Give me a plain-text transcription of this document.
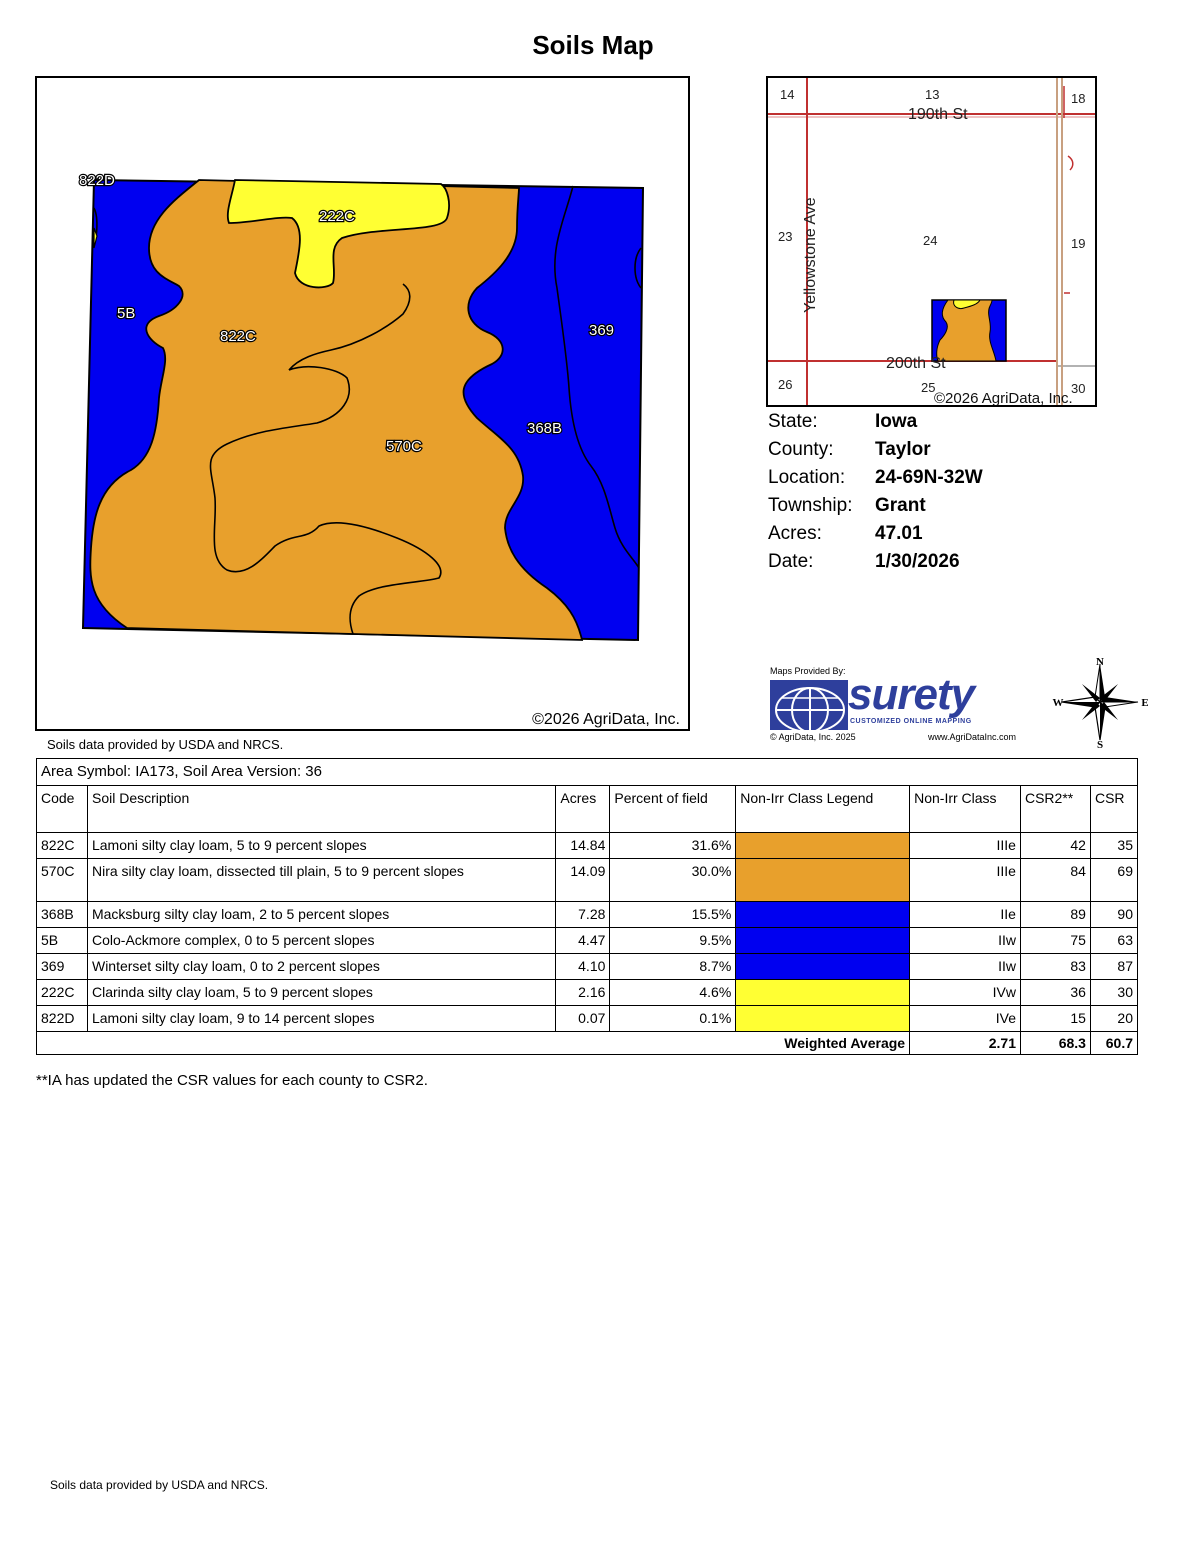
Soils Map
822D
222C
5B
822C	369
368B
570C
©2026 AgriData, Inc.
14	13	18
23	24	19
26	25	30
190th St
200th St
Yellowstone Ave
©2026 AgriData, Inc.
State:	Iowa
County:	Taylor
Location:	24-69N-32W
Township:	Grant
Acres:	47.01
Date:	1/30/2026
Maps Provided By: surety
CUSTOMIZED ONLINE MAPPING
© AgriData, Inc. 2025	www.AgriDataInc.com
N
S
E
W
Soils data provided by USDA and NRCS.
Area Symbol: IA173, Soil Area Version: 36							
Code	Soil Description	Acres	Percent of field	Non-Irr Class Legend	Non-Irr Class	CSR2**	CSR
822C	Lamoni silty clay loam, 5 to 9 percent slopes	14.84	31.6%		IIIe	42	35
570C	Nira silty clay loam, dissected till plain, 5 to 9 percent slopes	14.09	30.0%		IIIe	84	69
368B	Macksburg silty clay loam, 2 to 5 percent slopes	7.28	15.5%		IIe	89	90
5B	Colo-Ackmore complex, 0 to 5 percent slopes	4.47	9.5%		IIw	75	63
369	Winterset silty clay loam, 0 to 2 percent slopes	4.10	8.7%		IIw	83	87
222C	Clarinda silty clay loam, 5 to 9 percent slopes	2.16	4.6%		IVw	36	30
822D	Lamoni silty clay loam, 9 to 14 percent slopes	0.07	0.1%		IVe	15	20
Weighted Average					2.71	68.3	60.7
**IA has updated the CSR values for each county to CSR2.
Soils data provided by USDA and NRCS.
